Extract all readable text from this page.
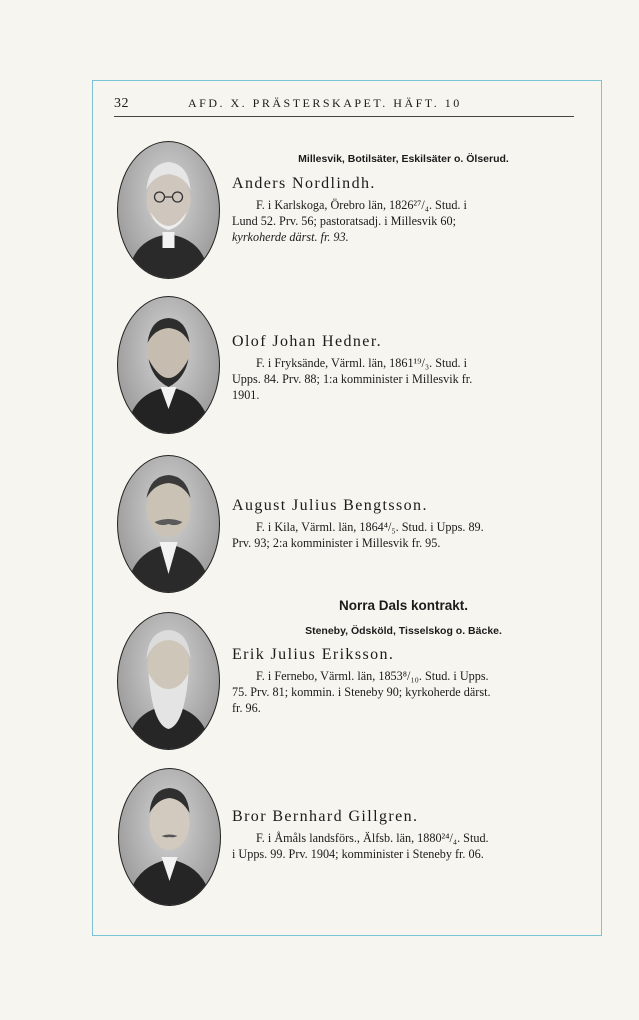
32	AFD. X. PRÄSTERSKAPET. HÄFT. 10
Millesvik, Botilsäter, Eskilsäter o. Ölserud.
Anders Nordlindh.
F. i Karlskoga, Örebro län, 1826²⁷/₄. Stud. i
Lund 52. Prv. 56; pastoratsadj. i Millesvik 60;
kyrkoherde därst. fr. 93.
Olof Johan Hedner.
F. i Fryksände, Värml. län, 1861¹⁹/₃. Stud. i
Upps. 84. Prv. 88; 1:a komminister i Millesvik fr.
1901.
August Julius Bengtsson.
F. i Kila, Värml. län, 1864⁴/₅. Stud. i Upps. 89.
Prv. 93; 2:a komminister i Millesvik fr. 95.
Norra Dals kontrakt.
Steneby, Ödsköld, Tisselskog o. Bäcke.
Erik Julius Eriksson.
F. i Fernebo, Värml. län, 1853⁸/₁₀. Stud. i Upps.
75. Prv. 81; kommin. i Steneby 90; kyrkoherde därst.
fr. 96.
Bror Bernhard Gillgren.
F. i Åmåls landsförs., Älfsb. län, 1880²⁴/₄. Stud.
i Upps. 99. Prv. 1904; komminister i Steneby fr. 06.
